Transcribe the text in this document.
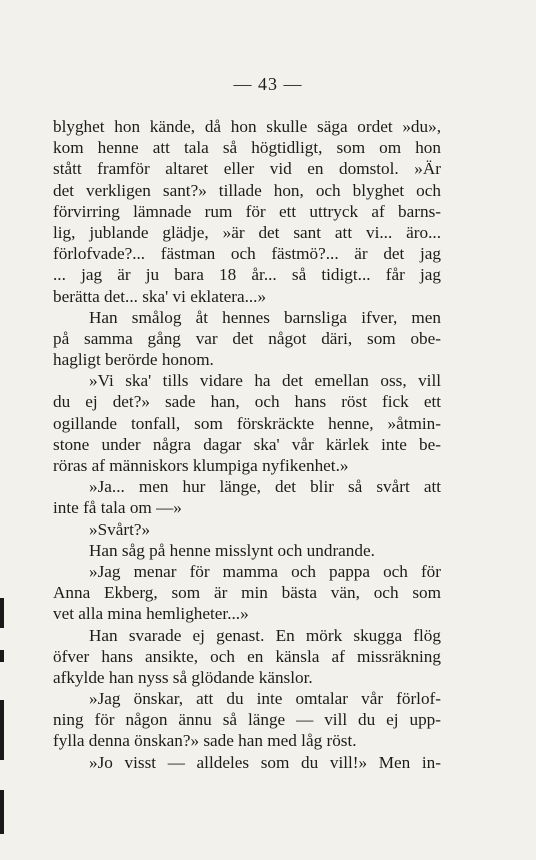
— 43 —
blyghet hon kände, då hon skulle säga ordet »du»,
kom henne att tala så högtidligt, som om hon
stått framför altaret eller vid en domstol. »Är
det verkligen sant?» tillade hon, och blyghet och
förvirring lämnade rum för ett uttryck af barns-
lig, jublande glädje, »är det sant att vi... äro...
förlofvade?... fästman och fästmö?... är det jag
... jag är ju bara 18 år... så tidigt... får jag
berätta det... ska' vi eklatera...»
Han smålog åt hennes barnsliga ifver, men
på samma gång var det något däri, som obe-
hagligt berörde honom.
»Vi ska' tills vidare ha det emellan oss, vill
du ej det?» sade han, och hans röst fick ett
ogillande tonfall, som förskräckte henne, »åtmin-
stone under några dagar ska' vår kärlek inte be-
röras af människors klumpiga nyfikenhet.»
»Ja... men hur länge, det blir så svårt att
inte få tala om —»
»Svårt?»
Han såg på henne misslynt och undrande.
»Jag menar för mamma och pappa och för
Anna Ekberg, som är min bästa vän, och som
vet alla mina hemligheter...»
Han svarade ej genast. En mörk skugga flög
öfver hans ansikte, och en känsla af missräkning
afkylde han nyss så glödande känslor.
»Jag önskar, att du inte omtalar vår förlof-
ning för någon ännu så länge — vill du ej upp-
fylla denna önskan?» sade han med låg röst.
»Jo visst — alldeles som du vill!» Men in-
